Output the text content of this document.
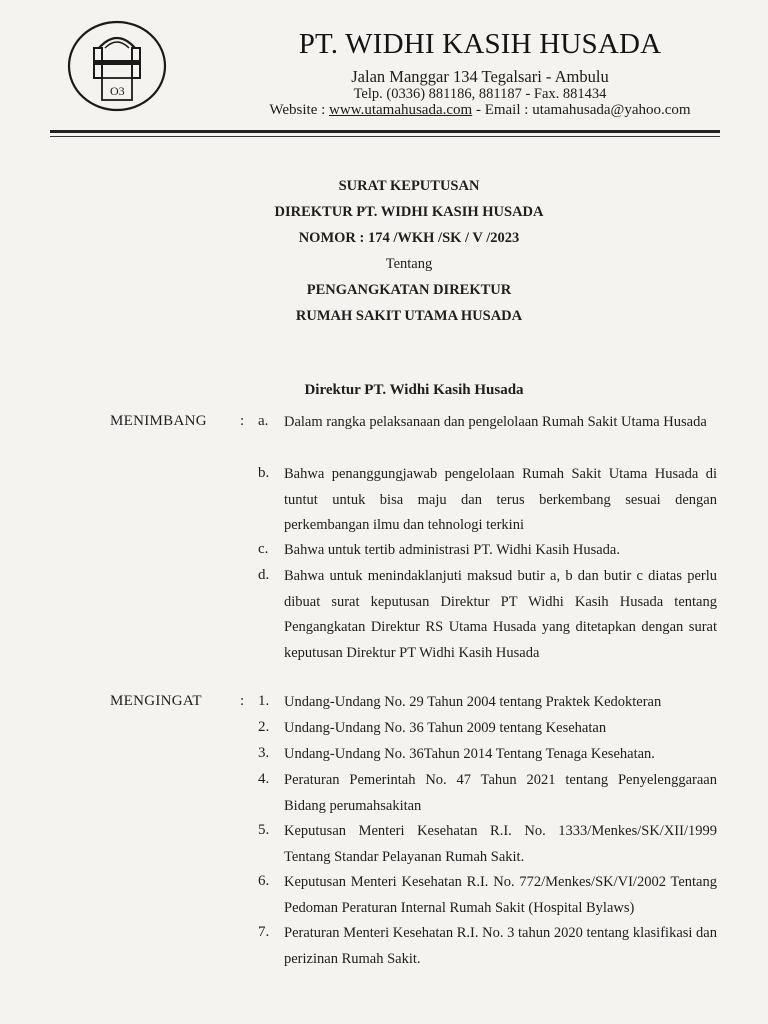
O3
PT. WIDHI KASIH HUSADA
Jalan Manggar 134 Tegalsari - Ambulu
Telp. (0336) 881186, 881187 - Fax. 881434
Website : www.utamahusada.com - Email : utamahusada@yahoo.com
SURAT KEPUTUSAN
DIREKTUR PT. WIDHI KASIH HUSADA
NOMOR : 174 /WKH /SK / V /2023
Tentang
PENGANGKATAN DIREKTUR
RUMAH SAKIT UTAMA HUSADA
Direktur PT. Widhi Kasih Husada
MENIMBANG : a.	Dalam rangka pelaksanaan dan pengelolaan Rumah Sakit Utama Husada
b.	Bahwa penanggungjawab pengelolaan Rumah Sakit Utama Husada di tuntut untuk bisa maju dan terus berkembang sesuai dengan perkembangan ilmu dan tehnologi terkini
c.	Bahwa untuk tertib administrasi PT. Widhi Kasih Husada.
d.	Bahwa untuk menindaklanjuti maksud butir a, b dan butir c diatas perlu dibuat surat keputusan Direktur PT Widhi Kasih Husada tentang Pengangkatan Direktur RS Utama Husada yang ditetapkan dengan surat keputusan Direktur PT Widhi Kasih Husada
MENGINGAT	: 1.	Undang-Undang No. 29 Tahun 2004 tentang Praktek Kedokteran
2.	Undang-Undang No. 36 Tahun 2009 tentang Kesehatan
3.	Undang-Undang No. 36Tahun 2014 Tentang Tenaga Kesehatan.
4.	Peraturan Pemerintah No. 47 Tahun 2021 tentang Penyelenggaraan Bidang perumahsakitan
5.	Keputusan Menteri Kesehatan R.I. No. 1333/Menkes/SK/XII/1999 Tentang Standar Pelayanan Rumah Sakit.
6.	Keputusan Menteri Kesehatan R.I. No. 772/Menkes/SK/VI/2002 Tentang Pedoman Peraturan Internal Rumah Sakit (Hospital Bylaws)
7.	Peraturan Menteri Kesehatan R.I. No. 3 tahun 2020 tentang klasifikasi dan perizinan Rumah Sakit.
